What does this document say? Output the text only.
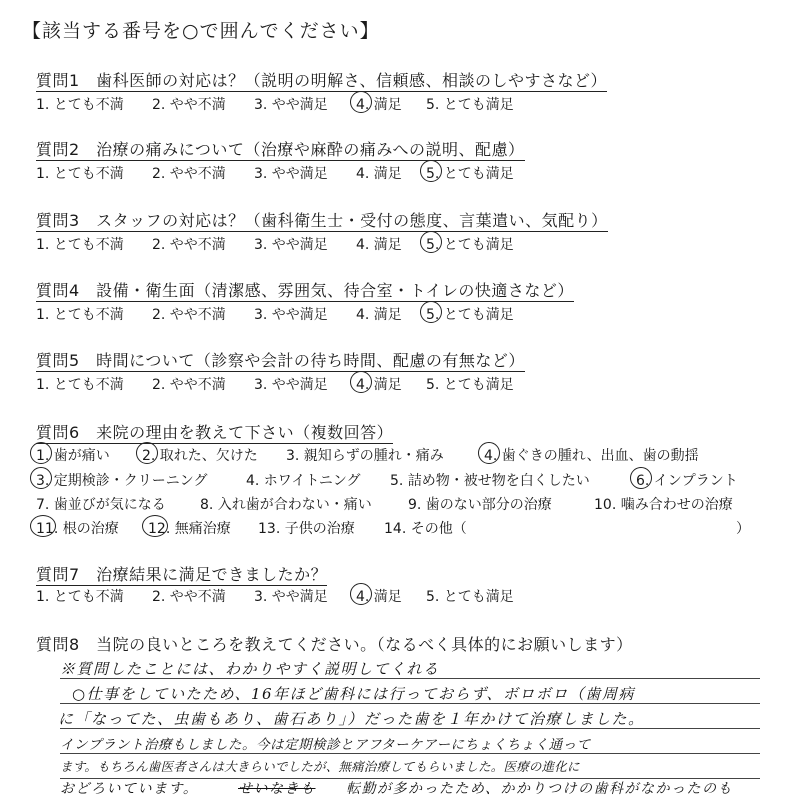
【該当する番号を○で囲んでください】
質問1　歯科医師の対応は？（説明の明解さ、信頼感、相談のしやすさなど）
1. とても不満 2. やや不満 3. やや満足 4. 満足 5. とても満足
質問2　治療の痛みについて（治療や麻酔の痛みへの説明、配慮）
1. とても不満 2. やや不満 3. やや満足 4. 満足 5. とても満足
質問3　スタッフの対応は？（歯科衛生士・受付の態度、言葉遣い、気配り）
1. とても不満 2. やや不満 3. やや満足 4. 満足 5. とても満足
質問4　設備・衛生面（清潔感、雰囲気、待合室・トイレの快適さなど）
1. とても不満 2. やや不満 3. やや満足 4. 満足 5. とても満足
質問5　時間について（診察や会計の待ち時間、配慮の有無など）
1. とても不満 2. やや不満 3. やや満足 4. 満足 5. とても満足
質問6　来院の理由を教えて下さい（複数回答）
1. 歯が痛い 2. 取れた、欠けた 3. 親知らずの腫れ・痛み	4. 歯ぐきの腫れ、出血、歯の動揺
3. 定期検診・クリーニング	4. ホワイトニング 5. 詰め物・被せ物を白くしたい	6. インプラント
7. 歯並びが気になる 8. 入れ歯が合わない・痛い	9. 歯のない部分の治療	10. 噛み合わせの治療
11. 根の治療 12. 無痛治療 13. 子供の治療 14. その他（	）
質問7　治療結果に満足できましたか？
1. とても不満 2. やや不満 3. やや満足 4. 満足 5. とても満足
質問8　当院の良いところを教えてください。（なるべく具体的にお願いします）
※質問したことには、わかりやすく説明してくれる
○仕事をしていたため、16年ほど歯科には行っておらず、ボロボロ（歯周病
に「なってた、虫歯もあり、歯石あり」）だった歯を１年かけて治療しました。
インプラント治療もしました。今は定期検診とアフターケアーにちょくちょく通って
ます。もちろん歯医者さんは大きらいでしたが、無痛治療してもらいました。医療の進化に
おどろいています。	せいなきも 転勤が多かったため、かかりつけの歯科がなかったのも
